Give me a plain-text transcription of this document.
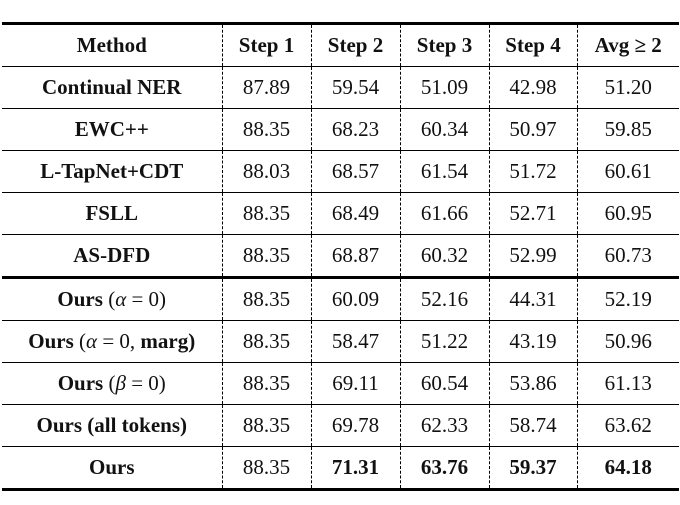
Method	Step 1	Step 2	Step 3	Step 4	Avg ≥ 2
Continual NER	87.89	59.54	51.09	42.98	51.20
EWC++	88.35	68.23	60.34	50.97	59.85
L-TapNet+CDT	88.03	68.57	61.54	51.72	60.61
FSLL	88.35	68.49	61.66	52.71	60.95
AS-DFD	88.35	68.87	60.32	52.99	60.73
Ours (α = 0)	88.35	60.09	52.16	44.31	52.19
Ours (α = 0, marg)	88.35	58.47	51.22	43.19	50.96
Ours (β = 0)	88.35	69.11	60.54	53.86	61.13
Ours (all tokens)	88.35	69.78	62.33	58.74	63.62
Ours	88.35	71.31	63.76	59.37	64.18
